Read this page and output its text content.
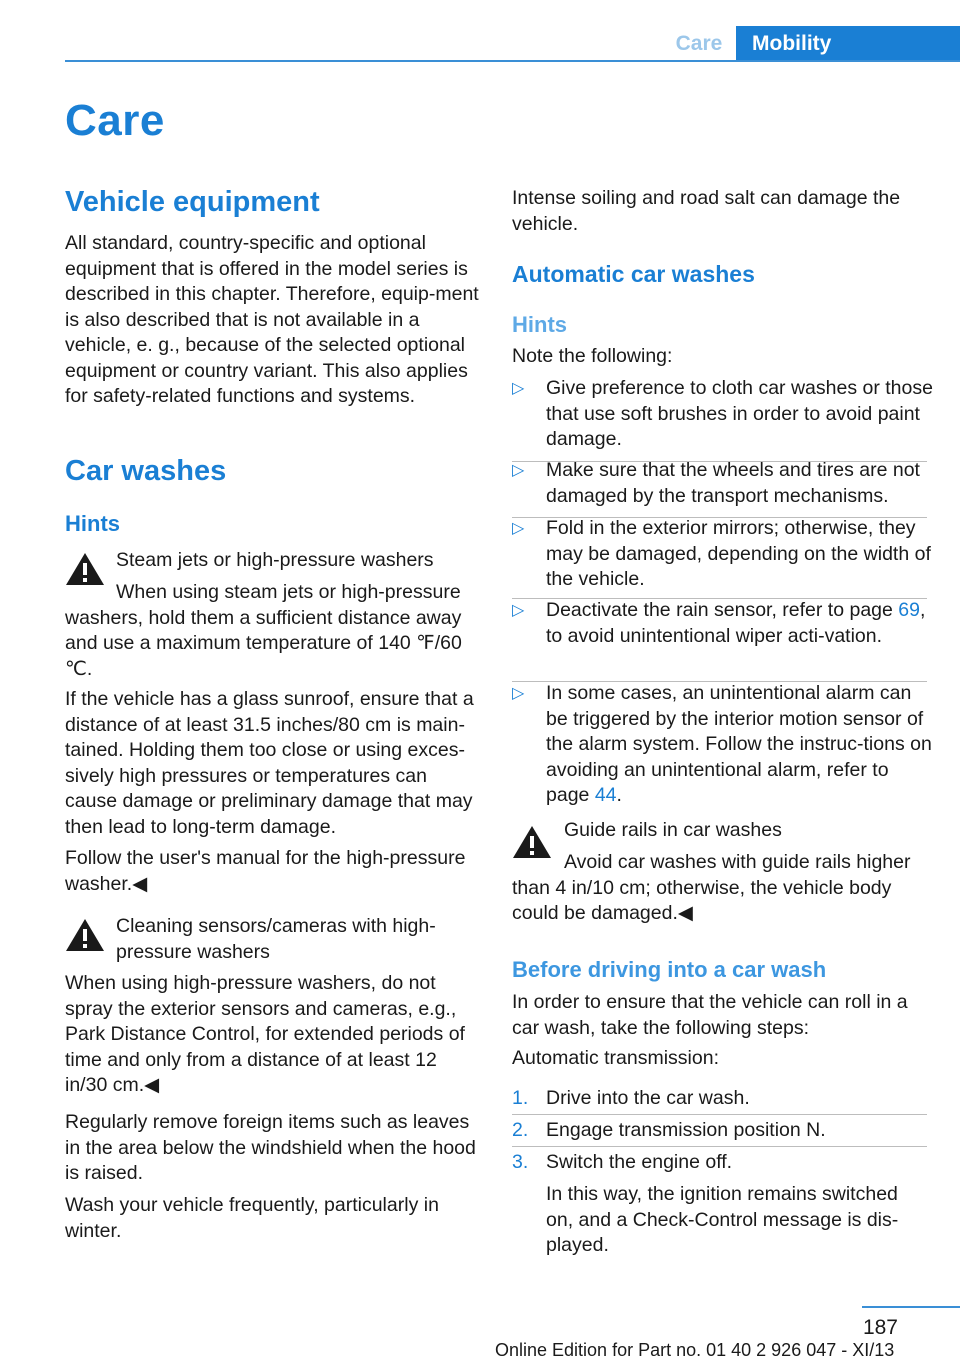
Care	Mobility
Care
Vehicle equipment
All standard, country-specific and optional equipment that is offered in the model series is described in this chapter. Therefore, equip-ment is also described that is not available in a vehicle, e. g., because of the selected optional equipment or country variant. This also applies for safety-related functions and systems.
Car washes
Hints
Steam jets or high-pressure washers
When using steam jets or high-pressure washers, hold them a sufficient distance away and use a maximum temperature of 140 ℉/60 ℃.
If the vehicle has a glass sunroof, ensure that a distance of at least 31.5 inches/80 cm is main-tained. Holding them too close or using exces-sively high pressures or temperatures can cause damage or preliminary damage that may then lead to long-term damage.
Follow the user's manual for the high-pressure washer.◀
Cleaning sensors/cameras with high-pressure washers
When using high-pressure washers, do not spray the exterior sensors and cameras, e.g., Park Distance Control, for extended periods of time and only from a distance of at least 12 in/30 cm.◀
Regularly remove foreign items such as leaves in the area below the windshield when the hood is raised.
Wash your vehicle frequently, particularly in winter.
Intense soiling and road salt can damage the vehicle.
Automatic car washes
Hints
Note the following:
▷ Give preference to cloth car washes or those that use soft brushes in order to avoid paint damage.
▷ Make sure that the wheels and tires are not damaged by the transport mechanisms.
▷ Fold in the exterior mirrors; otherwise, they may be damaged, depending on the width of the vehicle.
▷ Deactivate the rain sensor, refer to page 69, to avoid unintentional wiper acti-vation.
▷ In some cases, an unintentional alarm can be triggered by the interior motion sensor of the alarm system. Follow the instruc-tions on avoiding an unintentional alarm, refer to page 44.
Guide rails in car washes
Avoid car washes with guide rails higher than 4 in/10 cm; otherwise, the vehicle body could be damaged.◀
Before driving into a car wash
In order to ensure that the vehicle can roll in a car wash, take the following steps:
Automatic transmission:
1. Drive into the car wash.
2. Engage transmission position N.
3. Switch the engine off.
In this way, the ignition remains switched on, and a Check-Control message is dis-played.
187
Online Edition for Part no. 01 40 2 926 047 - XI/13
